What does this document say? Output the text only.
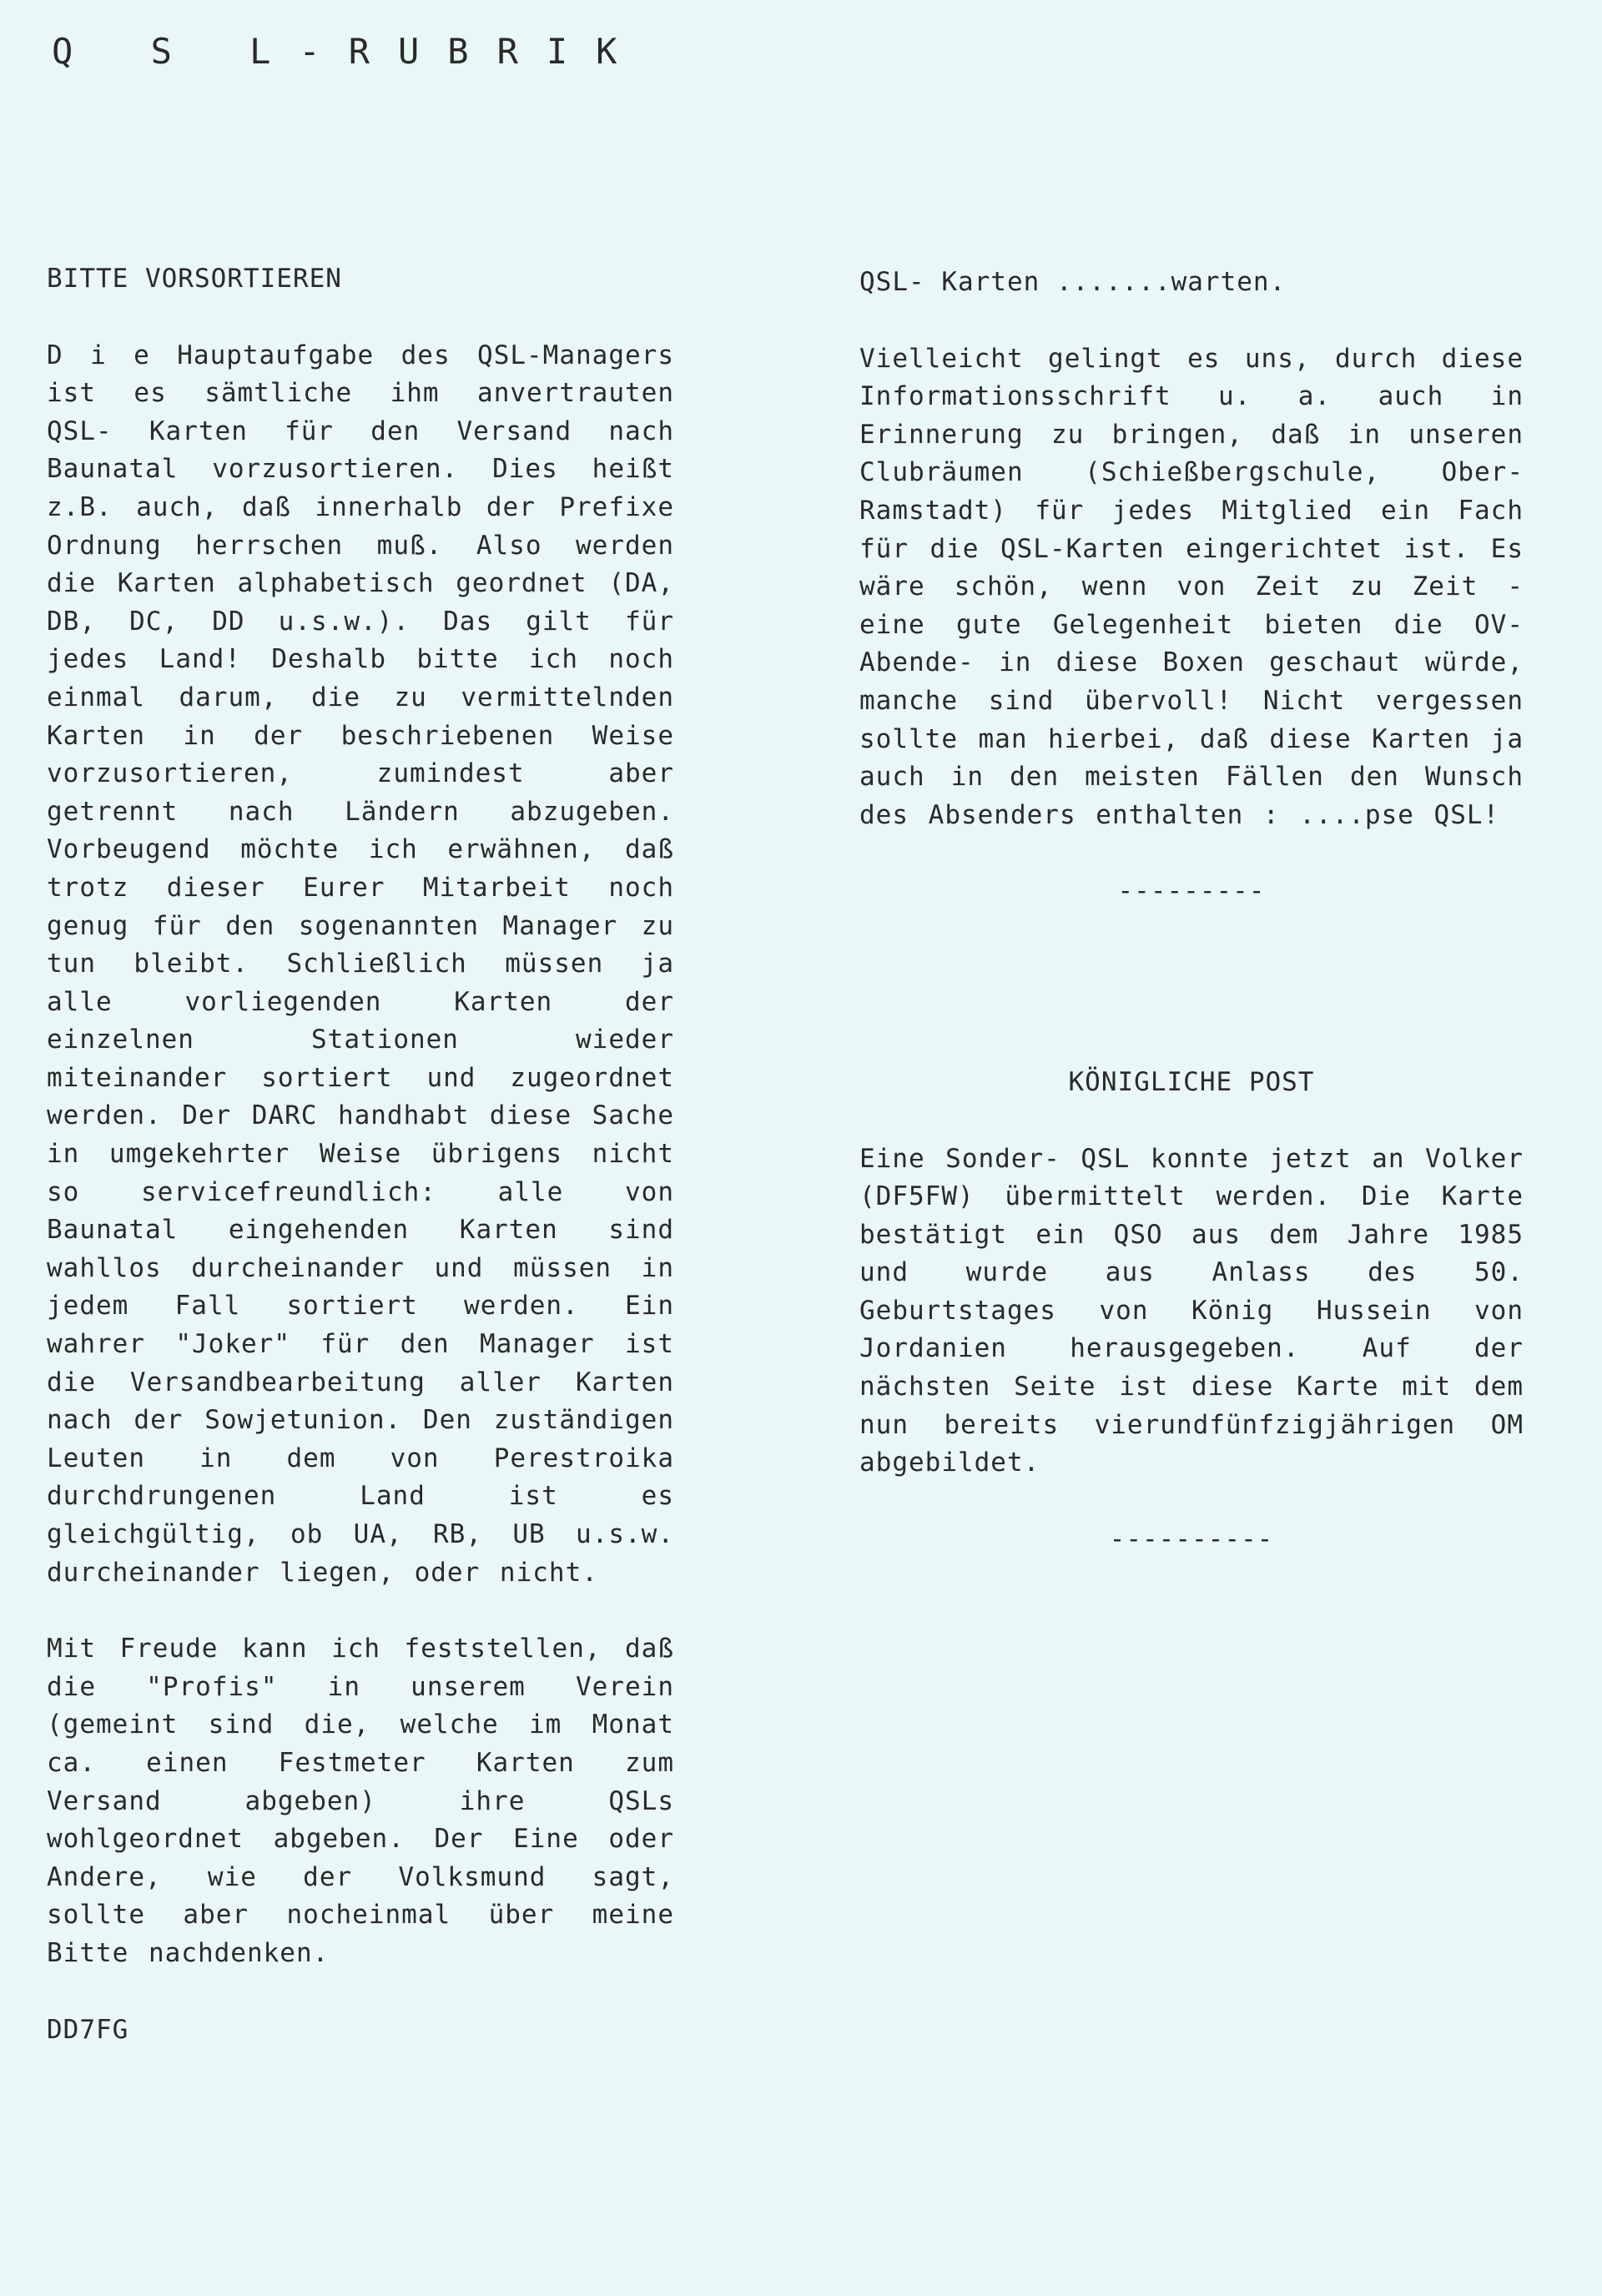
Q S L-RUBRIK

BITTE VORSORTIEREN

D i e Hauptaufgabe des QSL-Managers ist es sämtliche ihm anvertrauten QSL- Karten für den Versand nach Baunatal vorzusortieren. Dies heißt z.B. auch, daß innerhalb der Prefixe Ordnung herrschen muß. Also werden die Karten alphabetisch geordnet (DA, DB, DC, DD u.s.w.). Das gilt für jedes Land! Deshalb bitte ich noch einmal darum, die zu vermittelnden Karten in der beschriebenen Weise vorzusortieren, zumindest aber getrennt nach Ländern abzugeben. Vorbeugend möchte ich erwähnen, daß trotz dieser Eurer Mitarbeit noch genug für den sogenannten Manager zu tun bleibt. Schließlich müssen ja alle vorliegenden Karten der einzelnen Stationen wieder miteinander sortiert und zugeordnet werden. Der DARC handhabt diese Sache in umgekehrter Weise übrigens nicht so servicefreundlich: alle von Baunatal eingehenden Karten sind wahllos durcheinander und müssen in jedem Fall sortiert werden. Ein wahrer "Joker" für den Manager ist die Versandbearbeitung aller Karten nach der Sowjetunion. Den zuständigen Leuten in dem von Perestroika durchdrungenen Land ist es gleichgültig, ob UA, RB, UB u.s.w. durcheinander liegen, oder nicht.

Mit Freude kann ich feststellen, daß die "Profis" in unserem Verein (gemeint sind die, welche im Monat ca. einen Festmeter Karten zum Versand abgeben) ihre QSLs wohlgeordnet abgeben. Der Eine oder Andere, wie der Volksmund sagt, sollte aber nocheinmal über meine Bitte nachdenken.

DD7FG

QSL- Karten .......warten.

Vielleicht gelingt es uns, durch diese Informationsschrift u. a. auch in Erinnerung zu bringen, daß in unseren Clubräumen (Schießbergschule, Ober- Ramstadt) für jedes Mitglied ein Fach für die QSL-Karten eingerichtet ist. Es wäre schön, wenn von Zeit zu Zeit - eine gute Gelegenheit bieten die OV- Abende- in diese Boxen geschaut würde, manche sind übervoll! Nicht vergessen sollte man hierbei, daß diese Karten ja auch in den meisten Fällen den Wunsch des Absenders enthalten : ....pse QSL!

---------

KÖNIGLICHE POST

Eine Sonder- QSL konnte jetzt an Volker (DF5FW) übermittelt werden. Die Karte bestätigt ein QSO aus dem Jahre 1985 und wurde aus Anlass des 50. Geburtstages von König Hussein von Jordanien herausgegeben. Auf der nächsten Seite ist diese Karte mit dem nun bereits vierundfünfzigjährigen OM abgebildet.

----------
